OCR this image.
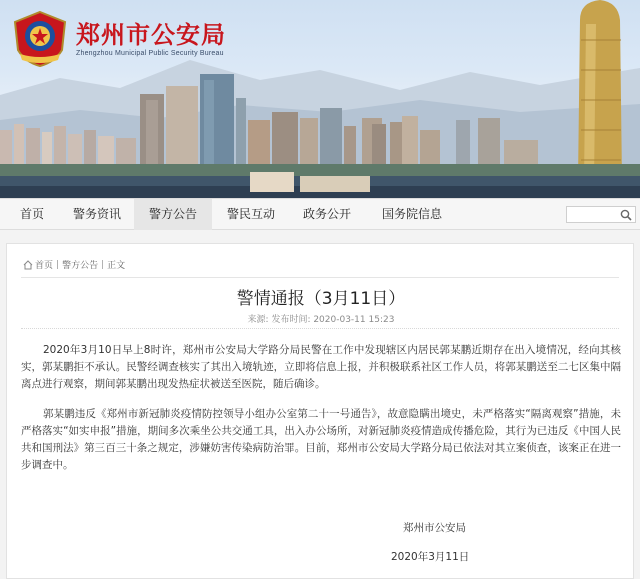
郑州市公安局
Zhengzhou Municipal Public Security Bureau
首页	警务资讯	警方公告	警民互动	政务公开	国务院信息
首页 | 警方公告 | 正文
警情通报（3月11日）
来源: 发布时间: 2020-03-11 15:23

2020年3月10日早上8时许，郑州市公安局大学路分局民警在工作中发现辖区内居民郭某鹏近期存在出入境情况，经向其核实，郭某鹏拒不承认。民警经调查核实了其出入境轨迹，立即将信息上报，并积极联系社区工作人员，将郭某鹏送至二七区集中隔离点进行观察，期间郭某鹏出现发热症状被送至医院，随后确诊。

郭某鹏违反《郑州市新冠肺炎疫情防控领导小组办公室第二十一号通告》，故意隐瞒出境史，未严格落实“隔离观察”措施，未严格落实“如实申报”措施，期间多次乘坐公共交通工具，出入办公场所，对新冠肺炎疫情造成传播危险，其行为已违反《中国人民共和国刑法》第三百三十条之规定，涉嫌妨害传染病防治罪。目前，郑州市公安局大学路分局已依法对其立案侦查，该案正在进一步调查中。

郑州市公安局
2020年3月11日
